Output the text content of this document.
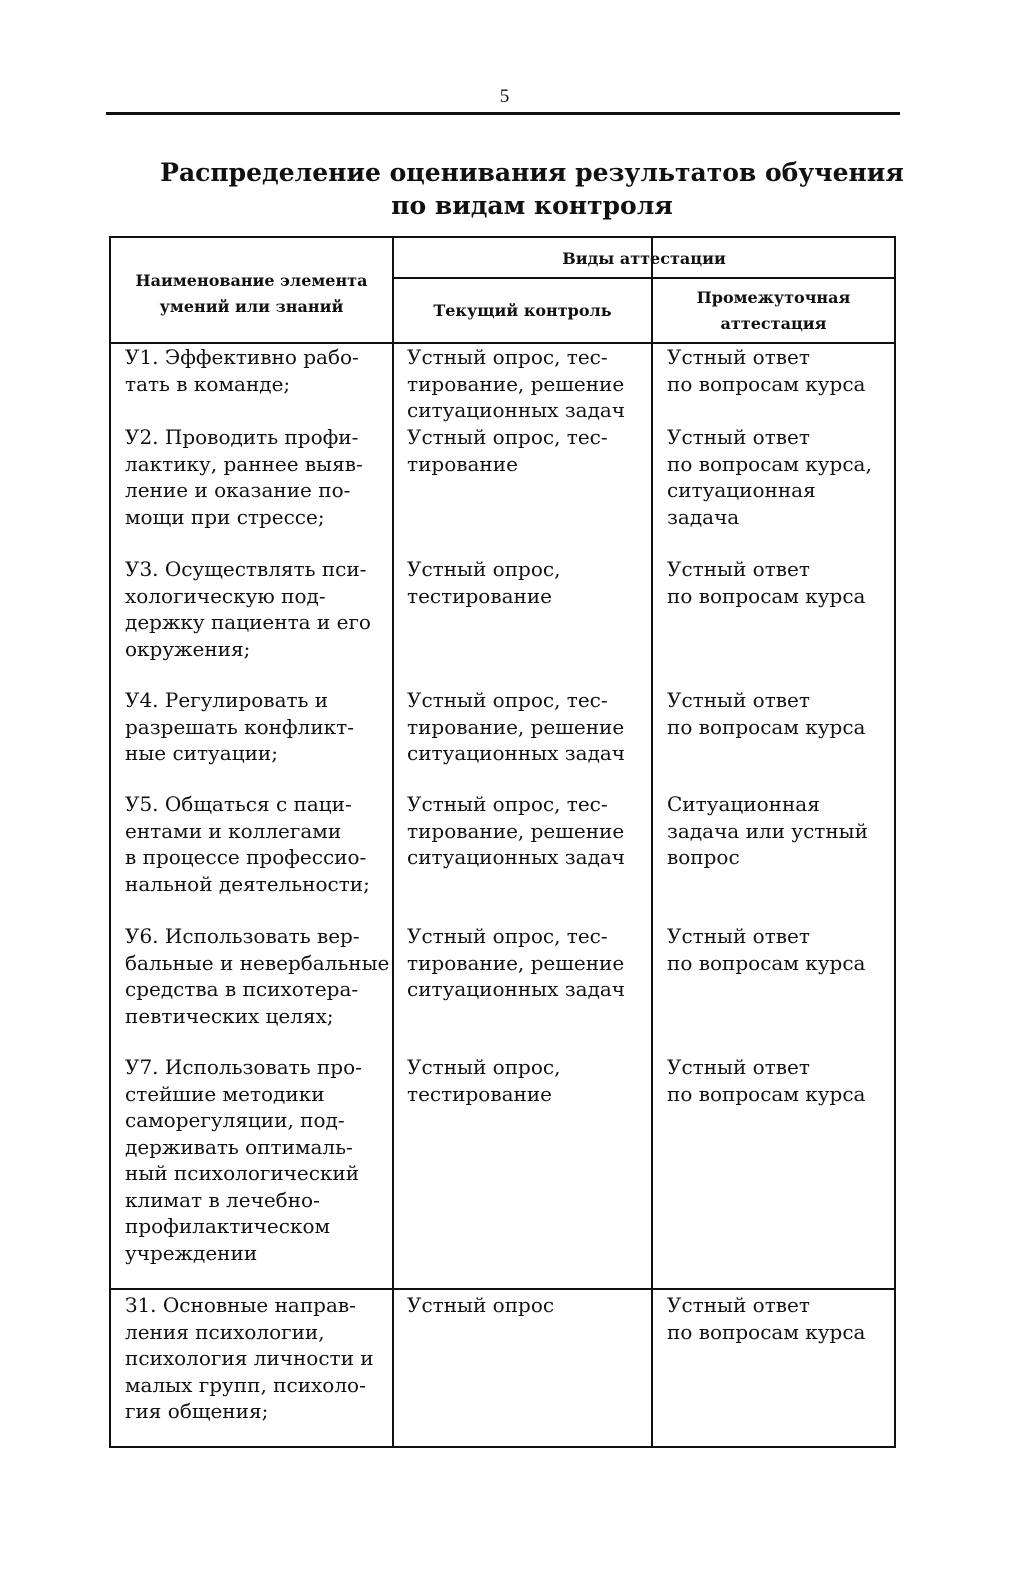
5
Распределение оценивания результатов обучения
по видам контроля
Наименование элемента
умений или знаний
Виды аттестации
Текущий контроль
Промежуточная
аттестация
У1. Эффективно рабо-
тать в команде;
Устный опрос, тес-
тирование, решение
ситуационных задач
Устный ответ
по вопросам курса
У2. Проводить профи-
лактику, раннее выяв-
ление и оказание по-
мощи при стрессе;
Устный опрос, тес-
тирование
Устный ответ
по вопросам курса,
ситуационная
задача
У3. Осуществлять пси-
хологическую под-
держку пациента и его
окружения;
Устный опрос,
тестирование
Устный ответ
по вопросам курса
У4. Регулировать и
разрешать конфликт-
ные ситуации;
Устный опрос, тес-
тирование, решение
ситуационных задач
Устный ответ
по вопросам курса
У5. Общаться с паци-
ентами и коллегами
в процессе профессио-
нальной деятельности;
Устный опрос, тес-
тирование, решение
ситуационных задач
Ситуационная
задача или устный
вопрос
У6. Использовать вер-
бальные и невербальные
средства в психотера-
певтических целях;
Устный опрос, тес-
тирование, решение
ситуационных задач
Устный ответ
по вопросам курса
У7. Использовать про-
стейшие методики
саморегуляции, под-
держивать оптималь-
ный психологический
климат в лечебно-
профилактическом
учреждении
Устный опрос,
тестирование
Устный ответ
по вопросам курса
З1. Основные направ-
ления психологии,
психология личности и
малых групп, психоло-
гия общения;
Устный опрос	Устный ответ
по вопросам курса
